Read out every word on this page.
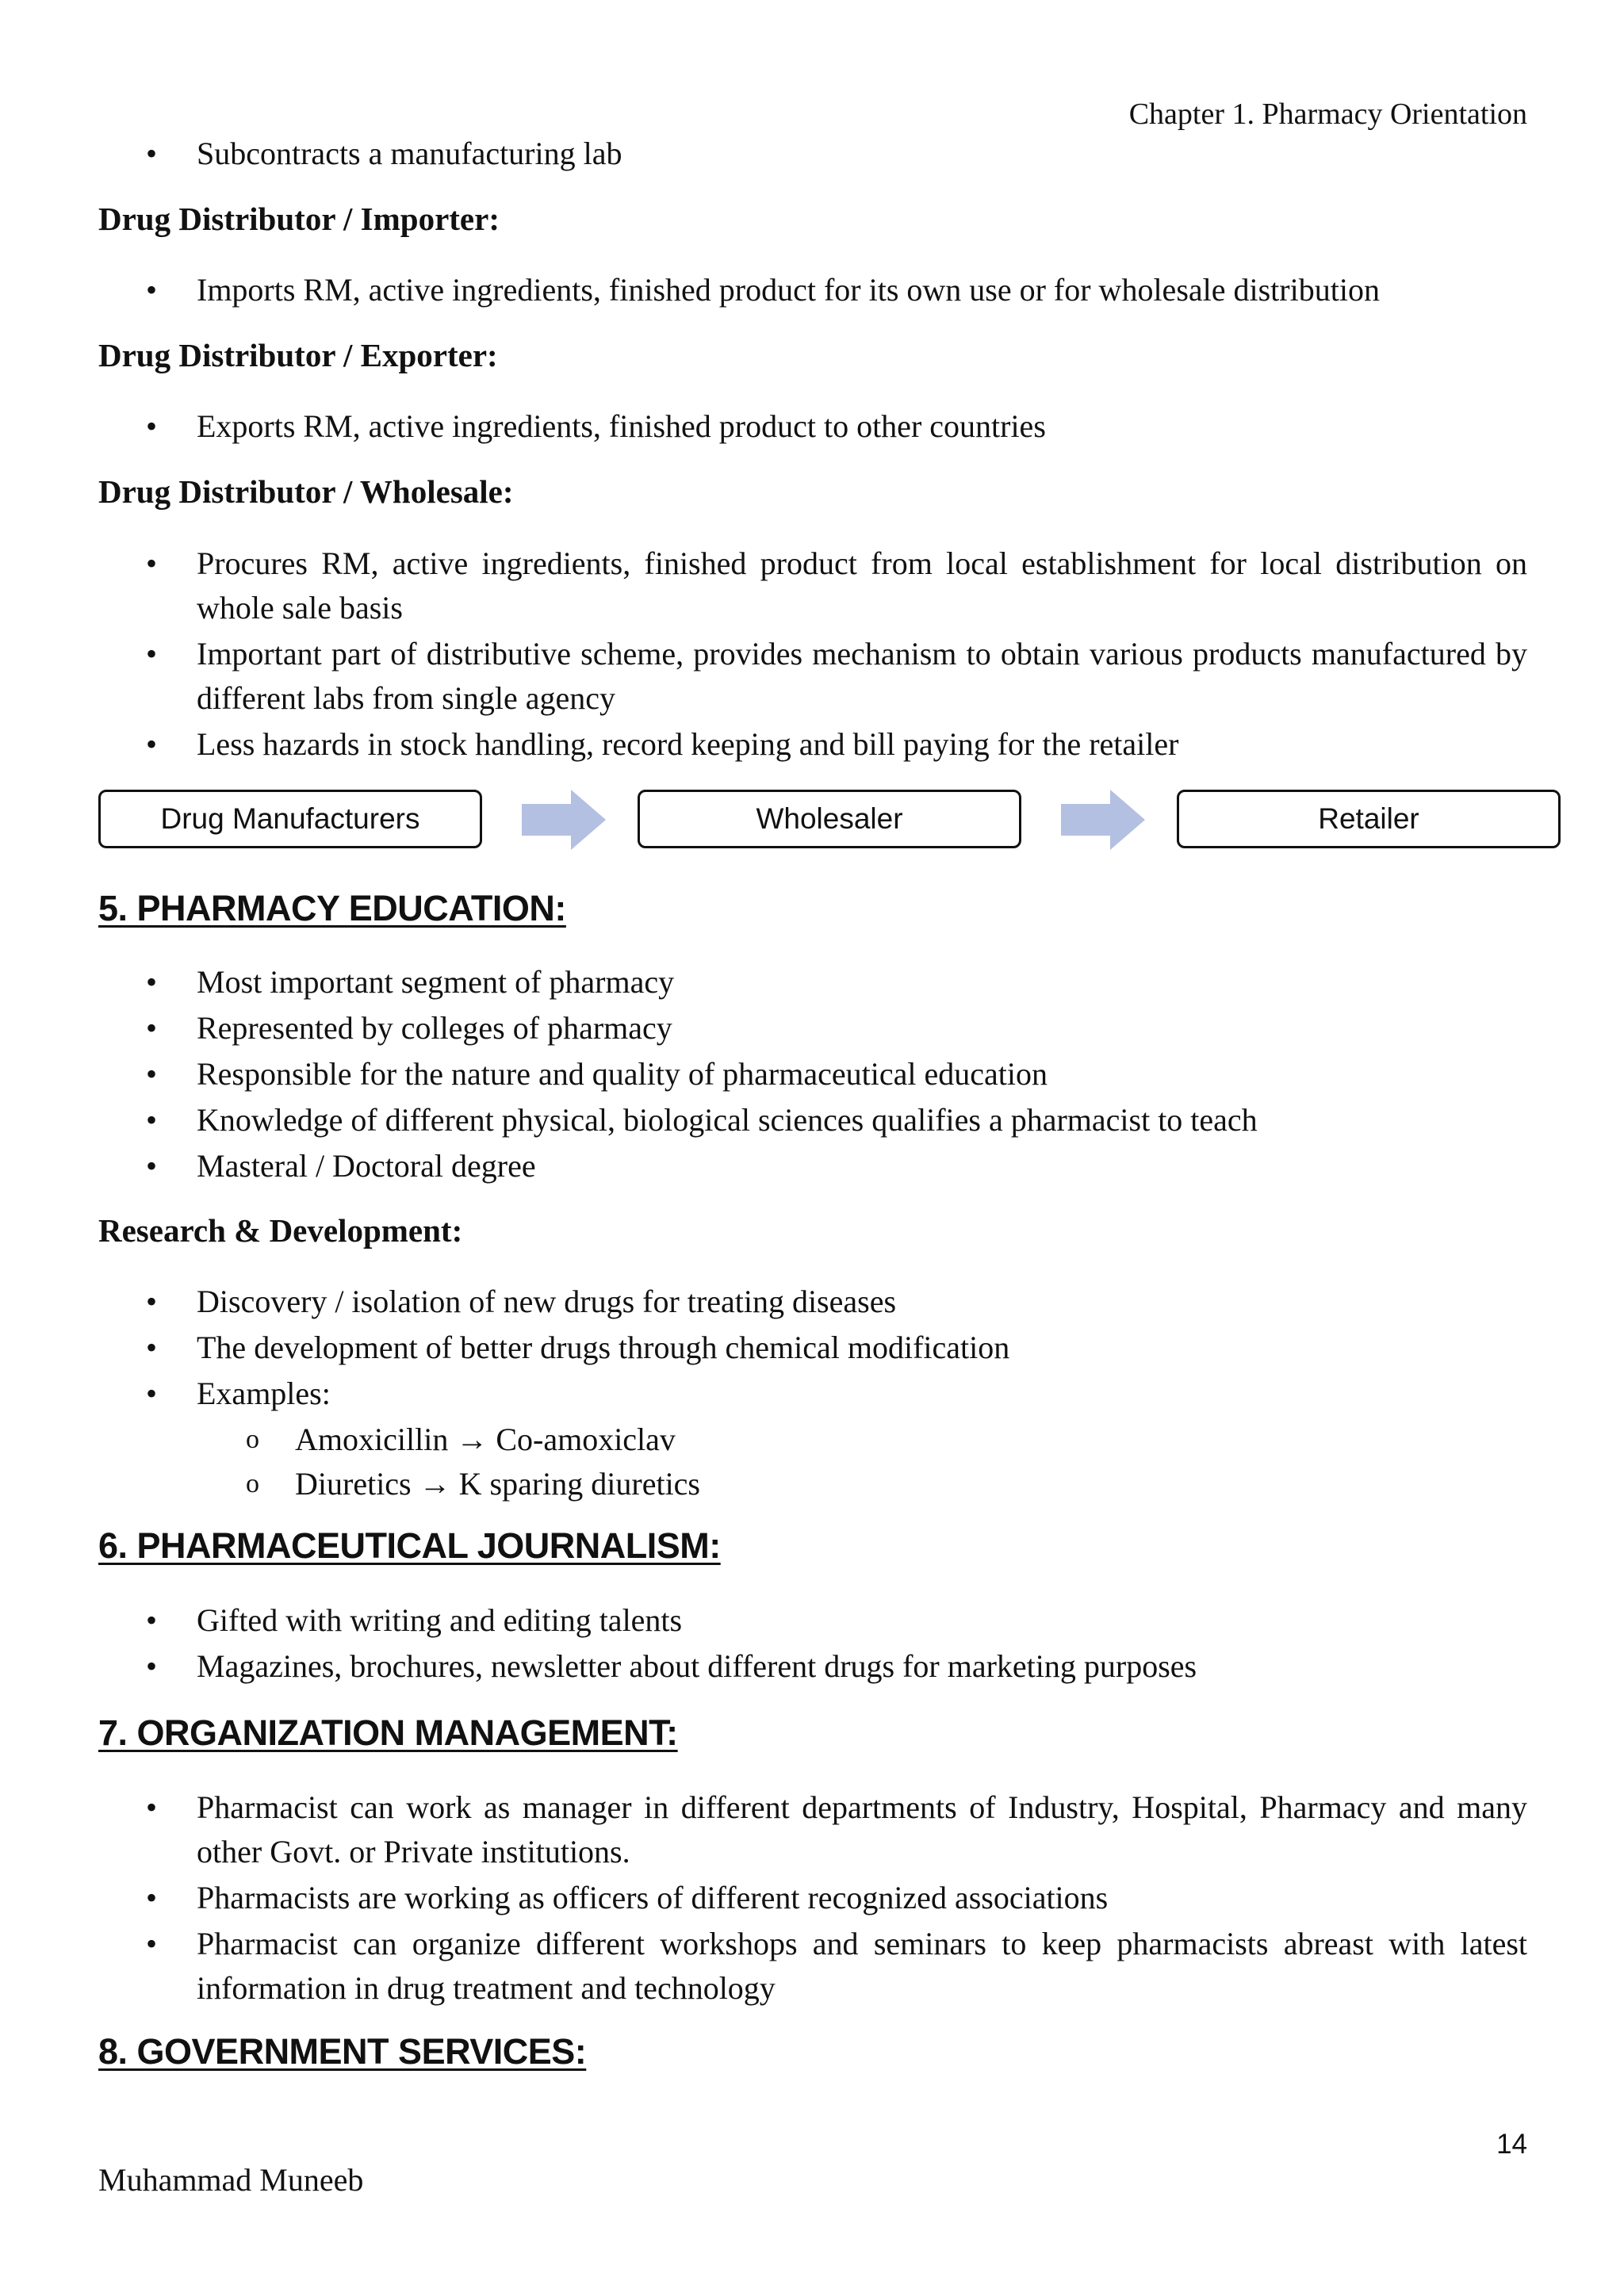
Chapter 1. Pharmacy Orientation
• Subcontracts a manufacturing lab
Drug Distributor / Importer:
• Imports RM, active ingredients, finished product for its own use or for wholesale distribution
Drug Distributor / Exporter:
• Exports RM, active ingredients, finished product to other countries
Drug Distributor / Wholesale:
• Procures RM, active ingredients, finished product from local establishment for local distribution on whole sale basis
• Important part of distributive scheme, provides mechanism to obtain various products manufactured by different labs from single agency
• Less hazards in stock handling, record keeping and bill paying for the retailer
5. PHARMACY EDUCATION:
• Most important segment of pharmacy
• Represented by colleges of pharmacy
• Responsible for the nature and quality of pharmaceutical education
• Knowledge of different physical, biological sciences qualifies a pharmacist to teach
• Masteral / Doctoral degree
Research & Development:
• Discovery / isolation of new drugs for treating diseases
• The development of better drugs through chemical modification
• Examples:
o Amoxicillin → Co-amoxiclav
o Diuretics → K sparing diuretics
6. PHARMACEUTICAL JOURNALISM:
• Gifted with writing and editing talents
• Magazines, brochures, newsletter about different drugs for marketing purposes
7. ORGANIZATION MANAGEMENT:
• Pharmacist can work as manager in different departments of Industry, Hospital, Pharmacy and many other Govt. or Private institutions.
• Pharmacists are working as officers of different recognized associations
• Pharmacist can organize different workshops and seminars to keep pharmacists abreast with latest information in drug treatment and technology
8. GOVERNMENT SERVICES:
Drug Manufacturers	Wholesaler	Retailer
14
Muhammad Muneeb
